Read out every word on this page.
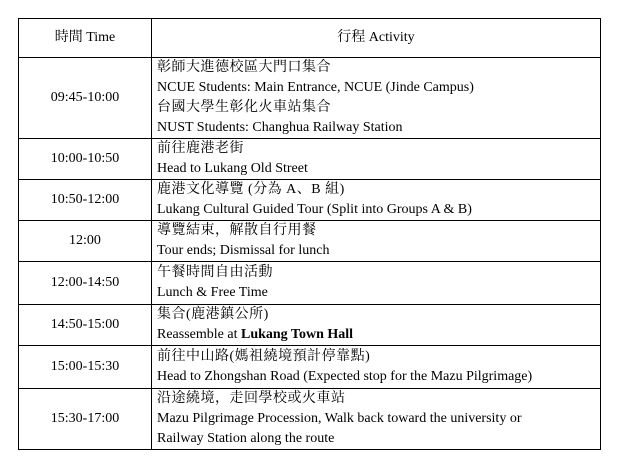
時間 Time	行程 Activity
09:45-10:00	彰師大進德校區大門口集合
NCUE Students: Main Entrance, NCUE (Jinde Campus)
台國大學生彰化火車站集合
NUST Students: Changhua Railway Station

10:00-10:50	前往鹿港老街
Head to Lukang Old Street

10:50-12:00	鹿港文化導覽 (分為 A、B 組)
Lukang Cultural Guided Tour (Split into Groups A & B)

12:00	導覽結束，解散自行用餐
Tour ends; Dismissal for lunch

12:00-14:50	午餐時間自由活動
Lunch & Free Time

14:50-15:00	集合(鹿港鎮公所)
Reassemble at Lukang Town Hall

15:00-15:30	前往中山路(媽祖繞境預計停靠點)
Head to Zhongshan Road (Expected stop for the Mazu Pilgrimage)

15:30-17:00	沿途繞境，走回學校或火車站
Mazu Pilgrimage Procession, Walk back toward the university or
Railway Station along the route
